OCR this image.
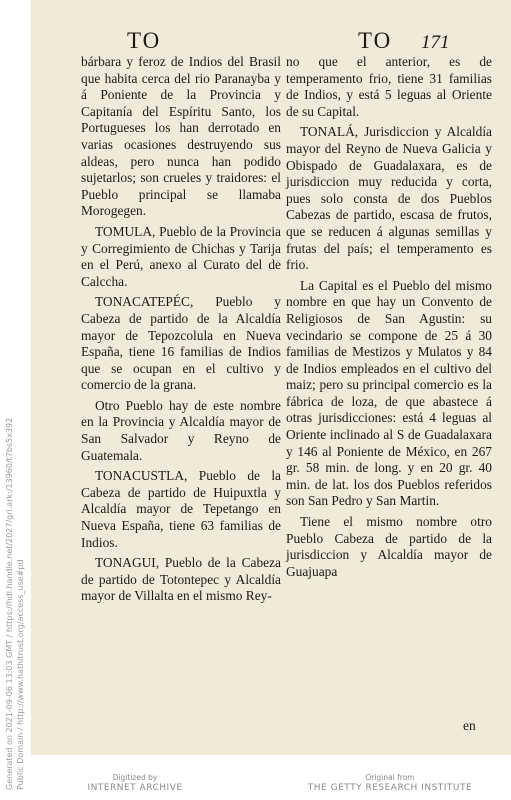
TO	TO 171

bárbara y feroz de Indios del Brasil que habita cerca del rio Paranayba y á Poniente de la Provincia y Capitanía del Espíritu Santo, los Portugueses los han derrotado en varias ocasiones destruyendo sus aldeas, pero nunca han podido sujetarlos; son crueles y traidores: el Pueblo principal se llamaba Morogegen.

TOMULA, Pueblo de la Provincia y Corregimiento de Chichas y Tarija en el Perú, anexo al Curato del de Calccha.

TONACATEPÉC, Pueblo y Cabeza de partido de la Alcaldía mayor de Tepozcolula en Nueva España, tiene 16 familias de Indios que se ocupan en el cultivo y comercio de la grana.

Otro Pueblo hay de este nombre en la Provincia y Alcaldía mayor de San Salvador y Reyno de Guatemala.

TONACUSTLA, Pueblo de la Cabeza de partido de Huipuxtla y Alcaldía mayor de Tepetango en Nueva España, tiene 63 familias de Indios.

TONAGUI, Pueblo de la Cabeza de partido de Totontepec y Alcaldía mayor de Villalta en el mismo Rey-

no que el anterior, es de temperamento frio, tiene 31 familias de Indios, y está 5 leguas al Oriente de su Capital.

TONALÁ, Jurisdiccion y Alcaldía mayor del Reyno de Nueva Galicia y Obispado de Guadalaxara, es de jurisdiccion muy reducida y corta, pues solo consta de dos Pueblos Cabezas de partido, escasa de frutos, que se reducen á algunas semillas y frutas del país; el temperamento es frio.

La Capital es el Pueblo del mismo nombre en que hay un Convento de Religiosos de San Agustin: su vecindario se compone de 25 á 30 familias de Mestizos y Mulatos y 84 de Indios empleados en el cultivo del maiz; pero su principal comercio es la fábrica de loza, de que abastece á otras jurisdicciones: está 4 leguas al Oriente inclinado al S de Guadalaxara y 146 al Poniente de México, en 267 gr. 58 min. de long. y en 20 gr. 40 min. de lat. los dos Pueblos referidos son San Pedro y San Martin.

Tiene el mismo nombre otro Pueblo Cabeza de partido de la jurisdiccion y Alcaldía mayor de Guajuapa

en
Generated on 2021-09-06 13:03 GMT / https://hdl.handle.net/2027/gri.ark:/13960/t7bs5x392 Public Domain / http://www.hathitrust.org/access_use#pd	Digitized by
INTERNET ARCHIVE
Original from
THE GETTY RESEARCH INSTITUTE
